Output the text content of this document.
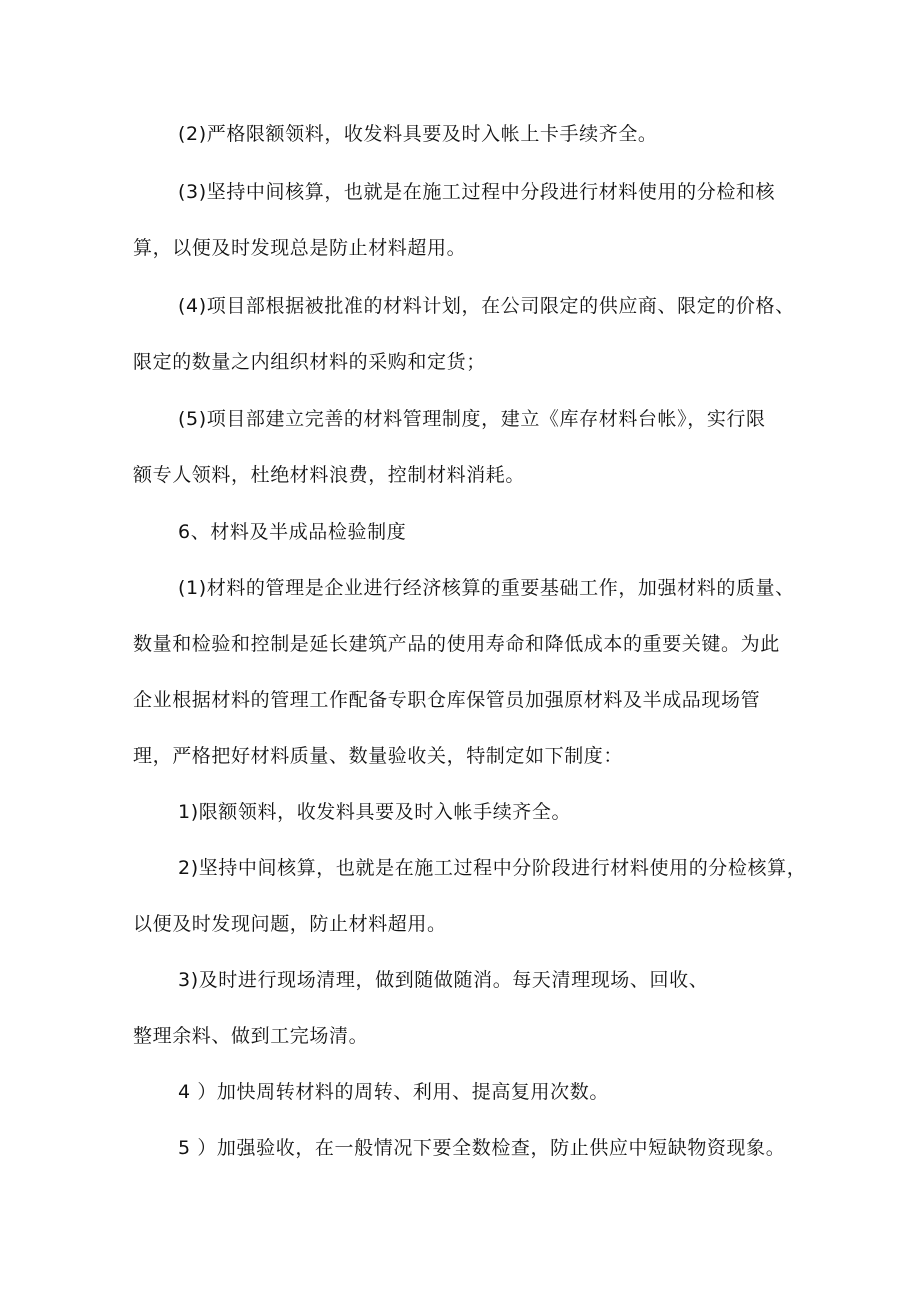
(2)严格限额领料，收发料具要及时入帐上卡手续齐全。
(3)坚持中间核算，也就是在施工过程中分段进行材料使用的分检和核
算，以便及时发现总是防止材料超用。
(4)项目部根据被批准的材料计划，在公司限定的供应商、限定的价格、
限定的数量之内组织材料的采购和定货；
(5)项目部建立完善的材料管理制度，建立《库存材料台帐》，实行限
额专人领料，杜绝材料浪费，控制材料消耗。
6、材料及半成品检验制度
(1)材料的管理是企业进行经济核算的重要基础工作，加强材料的质量、
数量和检验和控制是延长建筑产品的使用寿命和降低成本的重要关键。为此
企业根据材料的管理工作配备专职仓库保管员加强原材料及半成品现场管
理，严格把好材料质量、数量验收关，特制定如下制度：
1)限额领料，收发料具要及时入帐手续齐全。
2)坚持中间核算，也就是在施工过程中分阶段进行材料使用的分检核算，
以便及时发现问题，防止材料超用。
3)及时进行现场清理，做到随做随消。每天清理现场、回收、
整理余料、做到工完场清。
4 ）加快周转材料的周转、利用、提高复用次数。
5 ）加强验收，在一般情况下要全数检查，防止供应中短缺物资现象。
